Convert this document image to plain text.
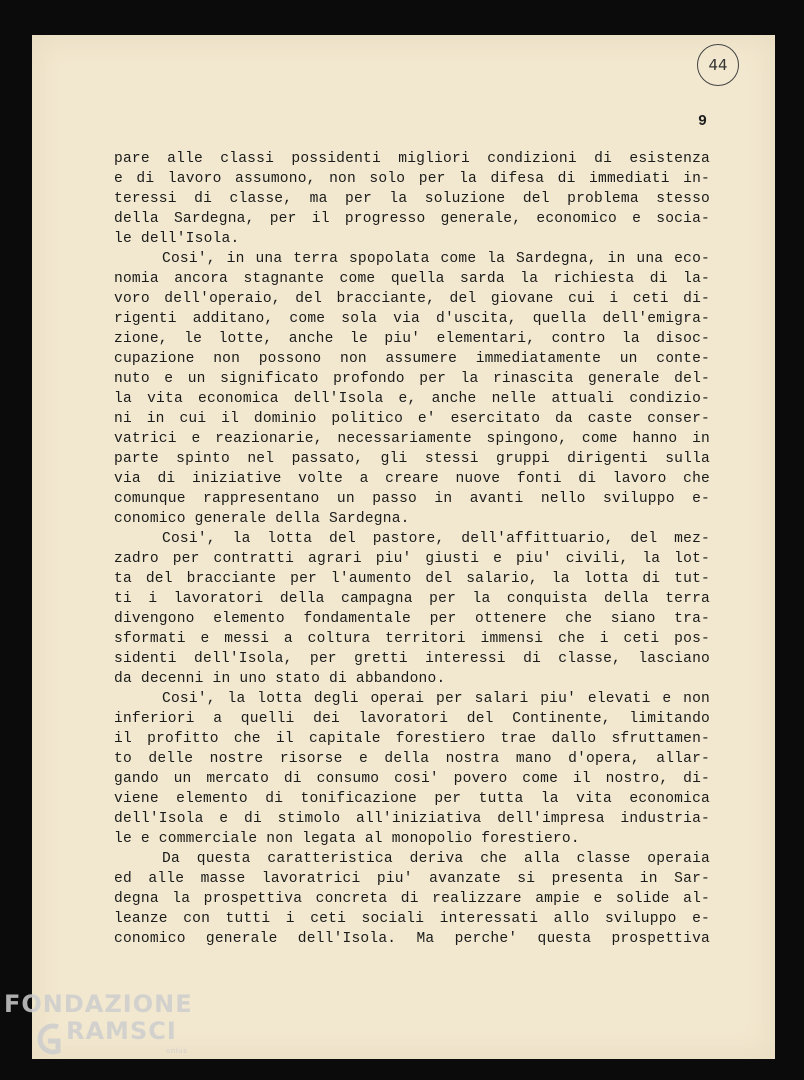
44
9

pare alle classi possidenti migliori condizioni di esistenza
e di lavoro assumono, non solo per la difesa di immediati in-
teressi di classe, ma per la soluzione del problema stesso
della Sardegna, per il progresso generale, economico e socia-
le dell'Isola.

Cosi', in una terra spopolata come la Sardegna, in una eco-
nomia ancora stagnante come quella sarda la richiesta di la-
voro dell'operaio, del bracciante, del giovane cui i ceti di-
rigenti additano, come sola via d'uscita, quella dell'emigra-
zione, le lotte, anche le piu' elementari, contro la disoc-
cupazione non possono non assumere immediatamente un conte-
nuto e un significato profondo per la rinascita generale del-
la vita economica dell'Isola e, anche nelle attuali condizio-
ni in cui il dominio politico e' esercitato da caste conser-
vatrici e reazionarie, necessariamente spingono, come hanno in
parte spinto nel passato, gli stessi gruppi dirigenti sulla
via di iniziative volte a creare nuove fonti di lavoro che
comunque rappresentano un passo in avanti nello sviluppo e-
conomico generale della Sardegna.

Cosi', la lotta del pastore, dell'affittuario, del mez-
zadro per contratti agrari piu' giusti e piu' civili, la lot-
ta del bracciante per l'aumento del salario, la lotta di tut-
ti i lavoratori della campagna per la conquista della terra
divengono elemento fondamentale per ottenere che siano tra-
sformati e messi a coltura territori immensi che i ceti pos-
sidenti dell'Isola, per gretti interessi di classe, lasciano
da decenni in uno stato di abbandono.

Cosi', la lotta degli operai per salari piu' elevati e non
inferiori a quelli dei lavoratori del Continente, limitando
il profitto che il capitale forestiero trae dallo sfruttamen-
to delle nostre risorse e della nostra mano d'opera, allar-
gando un mercato di consumo cosi' povero come il nostro, di-
viene elemento di tonificazione per tutta la vita economica
dell'Isola e di stimolo all'iniziativa dell'impresa industria-
le e commerciale non legata al monopolio forestiero.

Da questa caratteristica deriva che alla classe operaia
ed alle masse lavoratrici piu' avanzate si presenta in Sar-
degna la prospettiva concreta di realizzare ampie e solide al-
leanze con tutti i ceti sociali interessati allo sviluppo e-
conomico generale dell'Isola. Ma perche' questa prospettiva

FONDAZIONE
RAMSCI
onlus
